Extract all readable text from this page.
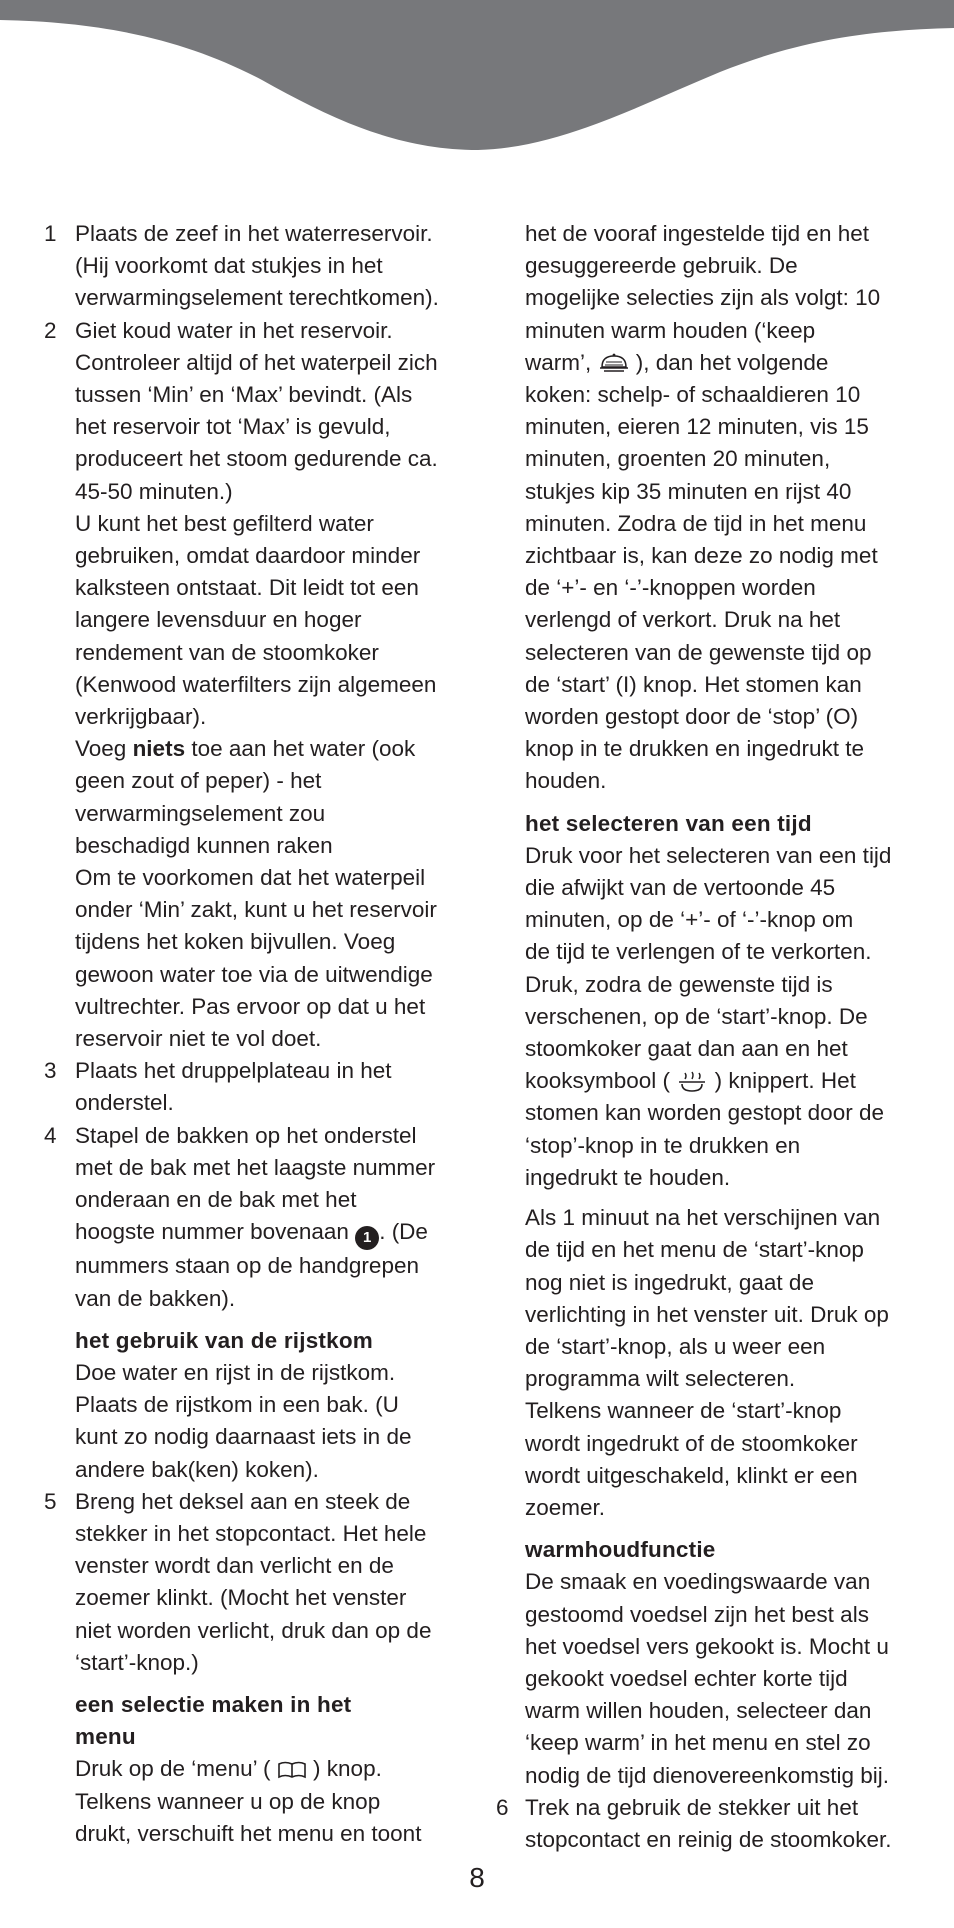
1 Plaats de zeef in het waterreservoir.
(Hij voorkomt dat stukjes in het
verwarmingselement terechtkomen).
2 Giet koud water in het reservoir.
Controleer altijd of het waterpeil zich
tussen ‘Min’ en ‘Max’ bevindt. (Als
het reservoir tot ‘Max’ is gevuld,
produceert het stoom gedurende ca.
45-50 minuten.)
U kunt het best gefilterd water
gebruiken, omdat daardoor minder
kalksteen ontstaat. Dit leidt tot een
langere levensduur en hoger
rendement van de stoomkoker
(Kenwood waterfilters zijn algemeen
verkrijgbaar).
Voeg niets toe aan het water (ook
geen zout of peper) - het
verwarmingselement zou
beschadigd kunnen raken
Om te voorkomen dat het waterpeil
onder ‘Min’ zakt, kunt u het reservoir
tijdens het koken bijvullen. Voeg
gewoon water toe via de uitwendige
vultrechter. Pas ervoor op dat u het
reservoir niet te vol doet.
3 Plaats het druppelplateau in het
onderstel.
4 Stapel de bakken op het onderstel
met de bak met het laagste nummer
onderaan en de bak met het
hoogste nummer bovenaan 1 . (De
nummers staan op de handgrepen
van de bakken).
het gebruik van de rijstkom
Doe water en rijst in de rijstkom.
Plaats de rijstkom in een bak. (U
kunt zo nodig daarnaast iets in de
andere bak(ken) koken).
5 Breng het deksel aan en steek de
stekker in het stopcontact. Het hele
venster wordt dan verlicht en de
zoemer klinkt. (Mocht het venster
niet worden verlicht, druk dan op de
‘start’-knop.)
een selectie maken in het
menu
Druk op de ‘menu’ ( ) knop.
Telkens wanneer u op de knop
drukt, verschuift het menu en toont
het de vooraf ingestelde tijd en het
gesuggereerde gebruik. De
mogelijke selecties zijn als volgt: 10
minuten warm houden (‘keep
warm’,  ), dan het volgende
koken: schelp- of schaaldieren 10
minuten, eieren 12 minuten, vis 15
minuten, groenten 20 minuten,
stukjes kip 35 minuten en rijst 40
minuten. Zodra de tijd in het menu
zichtbaar is, kan deze zo nodig met
de ‘+’- en ‘-’-knoppen worden
verlengd of verkort. Druk na het
selecteren van de gewenste tijd op
de ‘start’ (I) knop. Het stomen kan
worden gestopt door de ‘stop’ (O)
knop in te drukken en ingedrukt te
houden.
het selecteren van een tijd
Druk voor het selecteren van een tijd
die afwijkt van de vertoonde 45
minuten, op de ‘+’- of ‘-’-knop om
de tijd te verlengen of te verkorten.
Druk, zodra de gewenste tijd is
verschenen, op de ‘start’-knop. De
stoomkoker gaat dan aan en het
kooksymbool ( ) knippert. Het
stomen kan worden gestopt door de
‘stop’-knop in te drukken en
ingedrukt te houden.
Als 1 minuut na het verschijnen van
de tijd en het menu de ‘start’-knop
nog niet is ingedrukt, gaat de
verlichting in het venster uit. Druk op
de ‘start’-knop, als u weer een
programma wilt selecteren.
Telkens wanneer de ‘start’-knop
wordt ingedrukt of de stoomkoker
wordt uitgeschakeld, klinkt er een
zoemer.
warmhoudfunctie
De smaak en voedingswaarde van
gestoomd voedsel zijn het best als
het voedsel vers gekookt is. Mocht u
gekookt voedsel echter korte tijd
warm willen houden, selecteer dan
‘keep warm’ in het menu en stel zo
nodig de tijd dienovereenkomstig bij.
6 Trek na gebruik de stekker uit het
stopcontact en reinig de stoomkoker.
8
